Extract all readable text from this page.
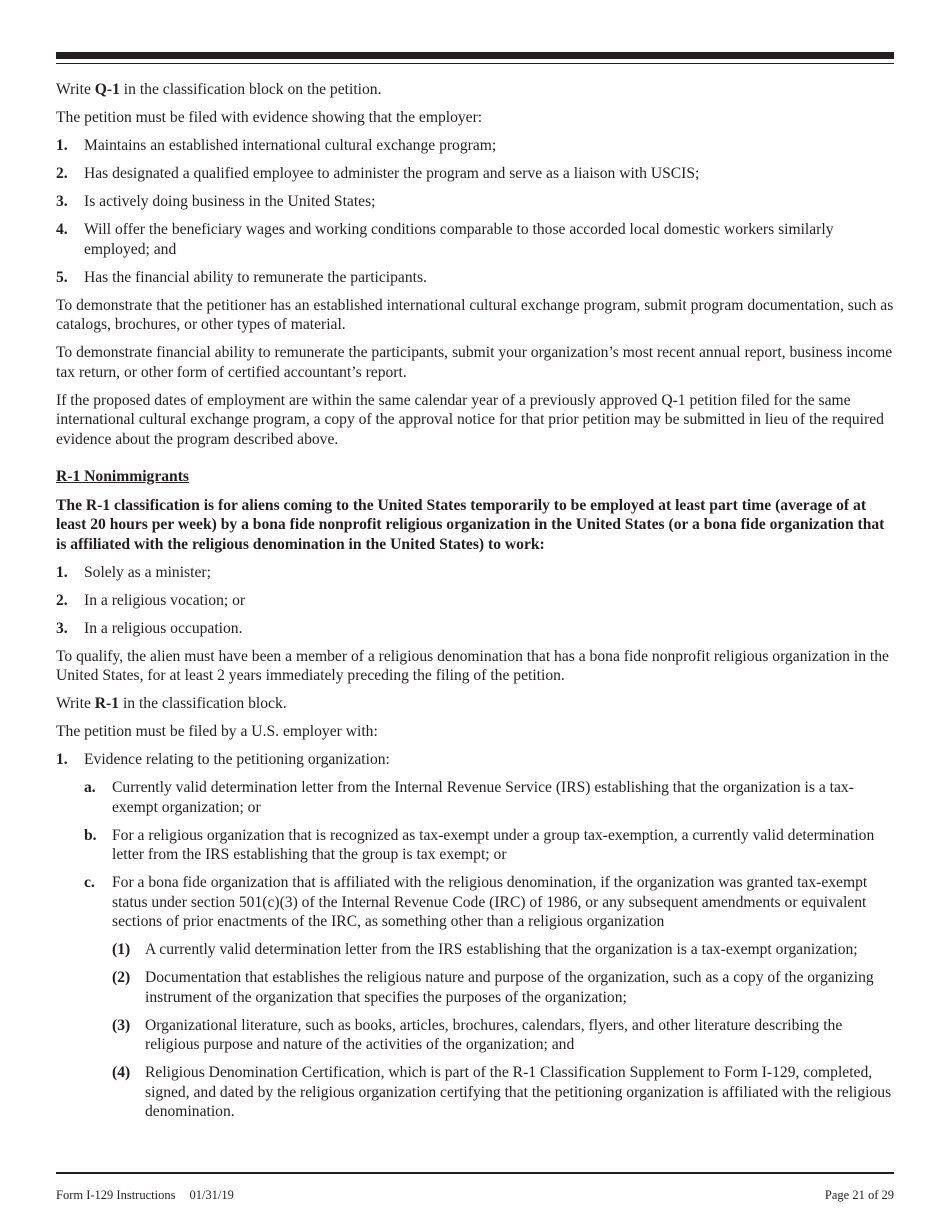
Write Q-1 in the classification block on the petition.

The petition must be filed with evidence showing that the employer:

1.	Maintains an established international cultural exchange program;
2.	Has designated a qualified employee to administer the program and serve as a liaison with USCIS;
3.	Is actively doing business in the United States;
4.	Will offer the beneficiary wages and working conditions comparable to those accorded local domestic workers similarly employed; and
5.	Has the financial ability to remunerate the participants.

To demonstrate that the petitioner has an established international cultural exchange program, submit program documentation, such as catalogs, brochures, or other types of material.

To demonstrate financial ability to remunerate the participants, submit your organization’s most recent annual report, business income tax return, or other form of certified accountant’s report.

If the proposed dates of employment are within the same calendar year of a previously approved Q-1 petition filed for the same international cultural exchange program, a copy of the approval notice for that prior petition may be submitted in lieu of the required evidence about the program described above.

R-1 Nonimmigrants

The R-1 classification is for aliens coming to the United States temporarily to be employed at least part time (average of at least 20 hours per week) by a bona fide nonprofit religious organization in the United States (or a bona fide organization that is affiliated with the religious denomination in the United States) to work:

1.	Solely as a minister;
2.	In a religious vocation; or
3.	In a religious occupation.

To qualify, the alien must have been a member of a religious denomination that has a bona fide nonprofit religious organization in the United States, for at least 2 years immediately preceding the filing of the petition.

Write R-1 in the classification block.

The petition must be filed by a U.S. employer with:

1.	Evidence relating to the petitioning organization:
a.	Currently valid determination letter from the Internal Revenue Service (IRS) establishing that the organization is a tax-exempt organization; or
b. For a religious organization that is recognized as tax-exempt under a group tax-exemption, a currently valid determination letter from the IRS establishing that the group is tax exempt; or
c.	For a bona fide organization that is affiliated with the religious denomination, if the organization was granted tax-exempt status under section 501(c)(3) of the Internal Revenue Code (IRC) of 1986, or any subsequent amendments or equivalent sections of prior enactments of the IRC, as something other than a religious organization
(1) A currently valid determination letter from the IRS establishing that the organization is a tax-exempt organization;
(2) Documentation that establishes the religious nature and purpose of the organization, such as a copy of the organizing instrument of the organization that specifies the purposes of the organization;
(3) Organizational literature, such as books, articles, brochures, calendars, flyers, and other literature describing the religious purpose and nature of the activities of the organization; and
(4) Religious Denomination Certification, which is part of the R-1 Classification Supplement to Form I-129, completed, signed, and dated by the religious organization certifying that the petitioning organization is affiliated with the religious denomination.
Form I-129 Instructions 01/31/19	Page 21 of 29
